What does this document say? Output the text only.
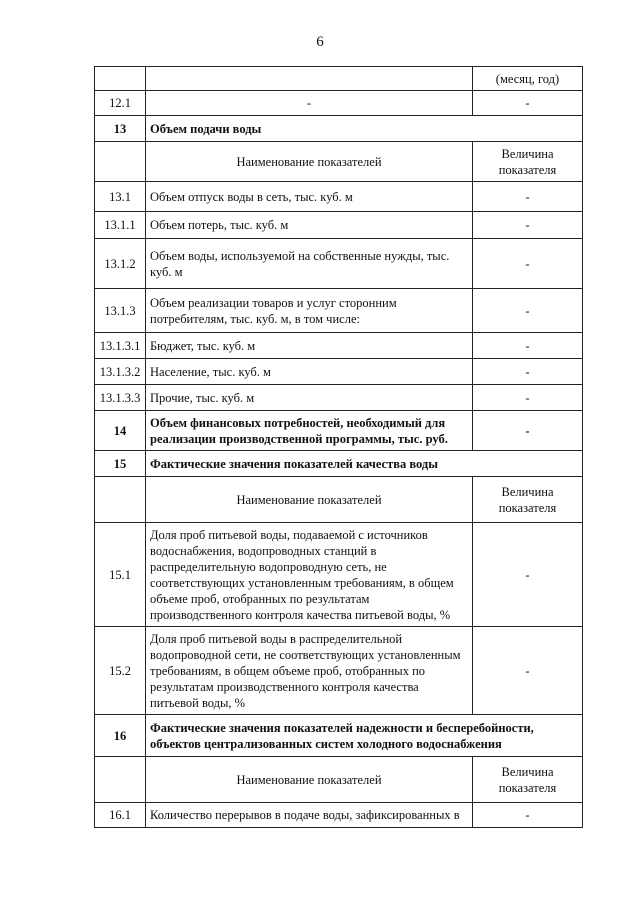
6
		(месяц, год)
12.1	-	-
13	Объем подачи воды	
	Наименование показателей	Величина показателя
13.1	Объем отпуск воды в сеть, тыс. куб. м	-
13.1.1	Объем потерь, тыс. куб. м	-
13.1.2	Объем воды, используемой на собственные нужды, тыс. куб. м	-
13.1.3	Объем реализации товаров и услуг сторонним потребителям, тыс. куб. м, в том числе:	-
13.1.3.1	Бюджет, тыс. куб. м	-
13.1.3.2	Население, тыс. куб. м	-
13.1.3.3	Прочие, тыс. куб. м	-
14	Объем финансовых потребностей, необходимый для реализации производственной программы, тыс. руб.	-
15	Фактические значения показателей качества воды	
	Наименование показателей	Величина показателя
15.1	Доля проб питьевой воды, подаваемой с источников водоснабжения, водопроводных станций в распределительную водопроводную сеть, не соответствующих установленным требованиям, в общем объеме проб, отобранных по результатам производственного контроля качества питьевой воды, %	-
15.2	Доля проб питьевой воды в распределительной водопроводной сети, не соответствующих установленным требованиям, в общем объеме проб, отобранных по результатам производственного контроля качества питьевой воды, %	-
16	Фактические значения показателей надежности и бесперебойности, объектов централизованных систем холодного водоснабжения	
	Наименование показателей	Величина показателя
16.1	Количество перерывов в подаче воды, зафиксированных в	-
